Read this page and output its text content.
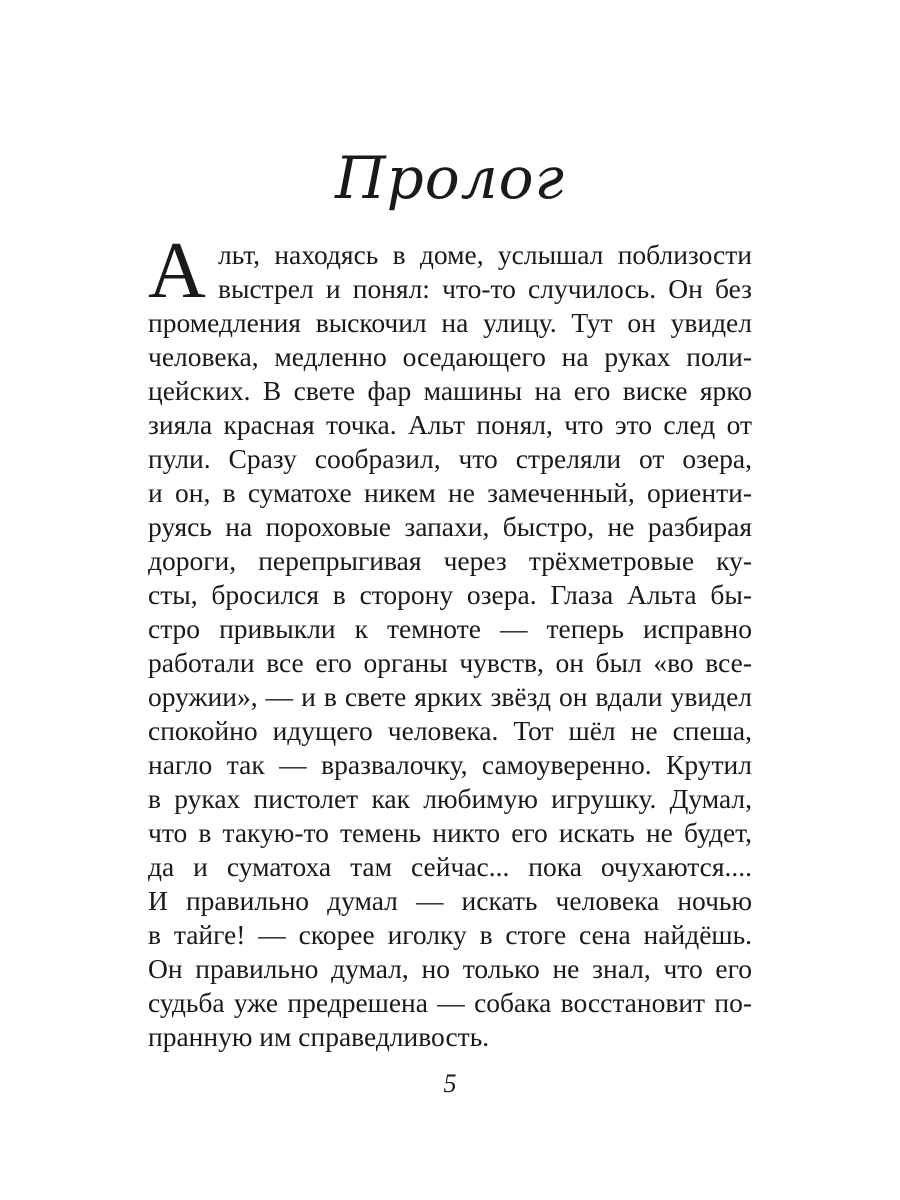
Пролог
А льт, находясь в доме, услышал поблизости
выстрел и понял: что-то случилось. Он без
промедления выскочил на улицу. Тут он увидел
человека, медленно оседающего на руках поли-
цейских. В свете фар машины на его виске ярко
зияла красная точка. Альт понял, что это след от
пули. Сразу сообразил, что стреляли от озера,
и он, в суматохе никем не замеченный, ориенти-
руясь на пороховые запахи, быстро, не разбирая
дороги, перепрыгивая через трёхметровые ку-
сты, бросился в сторону озера. Глаза Альта бы-
стро привыкли к темноте — теперь исправно
работали все его органы чувств, он был «во все-
оружии», — и в свете ярких звёзд он вдали увидел
спокойно идущего человека. Тот шёл не спеша,
нагло так — вразвалочку, самоуверенно. Крутил
в руках пистолет как любимую игрушку. Думал,
что в такую-то темень никто его искать не будет,
да и суматоха там сейчас... пока очухаются....
И правильно думал — искать человека ночью
в тайге! — скорее иголку в стоге сена найдёшь.
Он правильно думал, но только не знал, что его
судьба уже предрешена — собака восстановит по-
пранную им справедливость.
5
